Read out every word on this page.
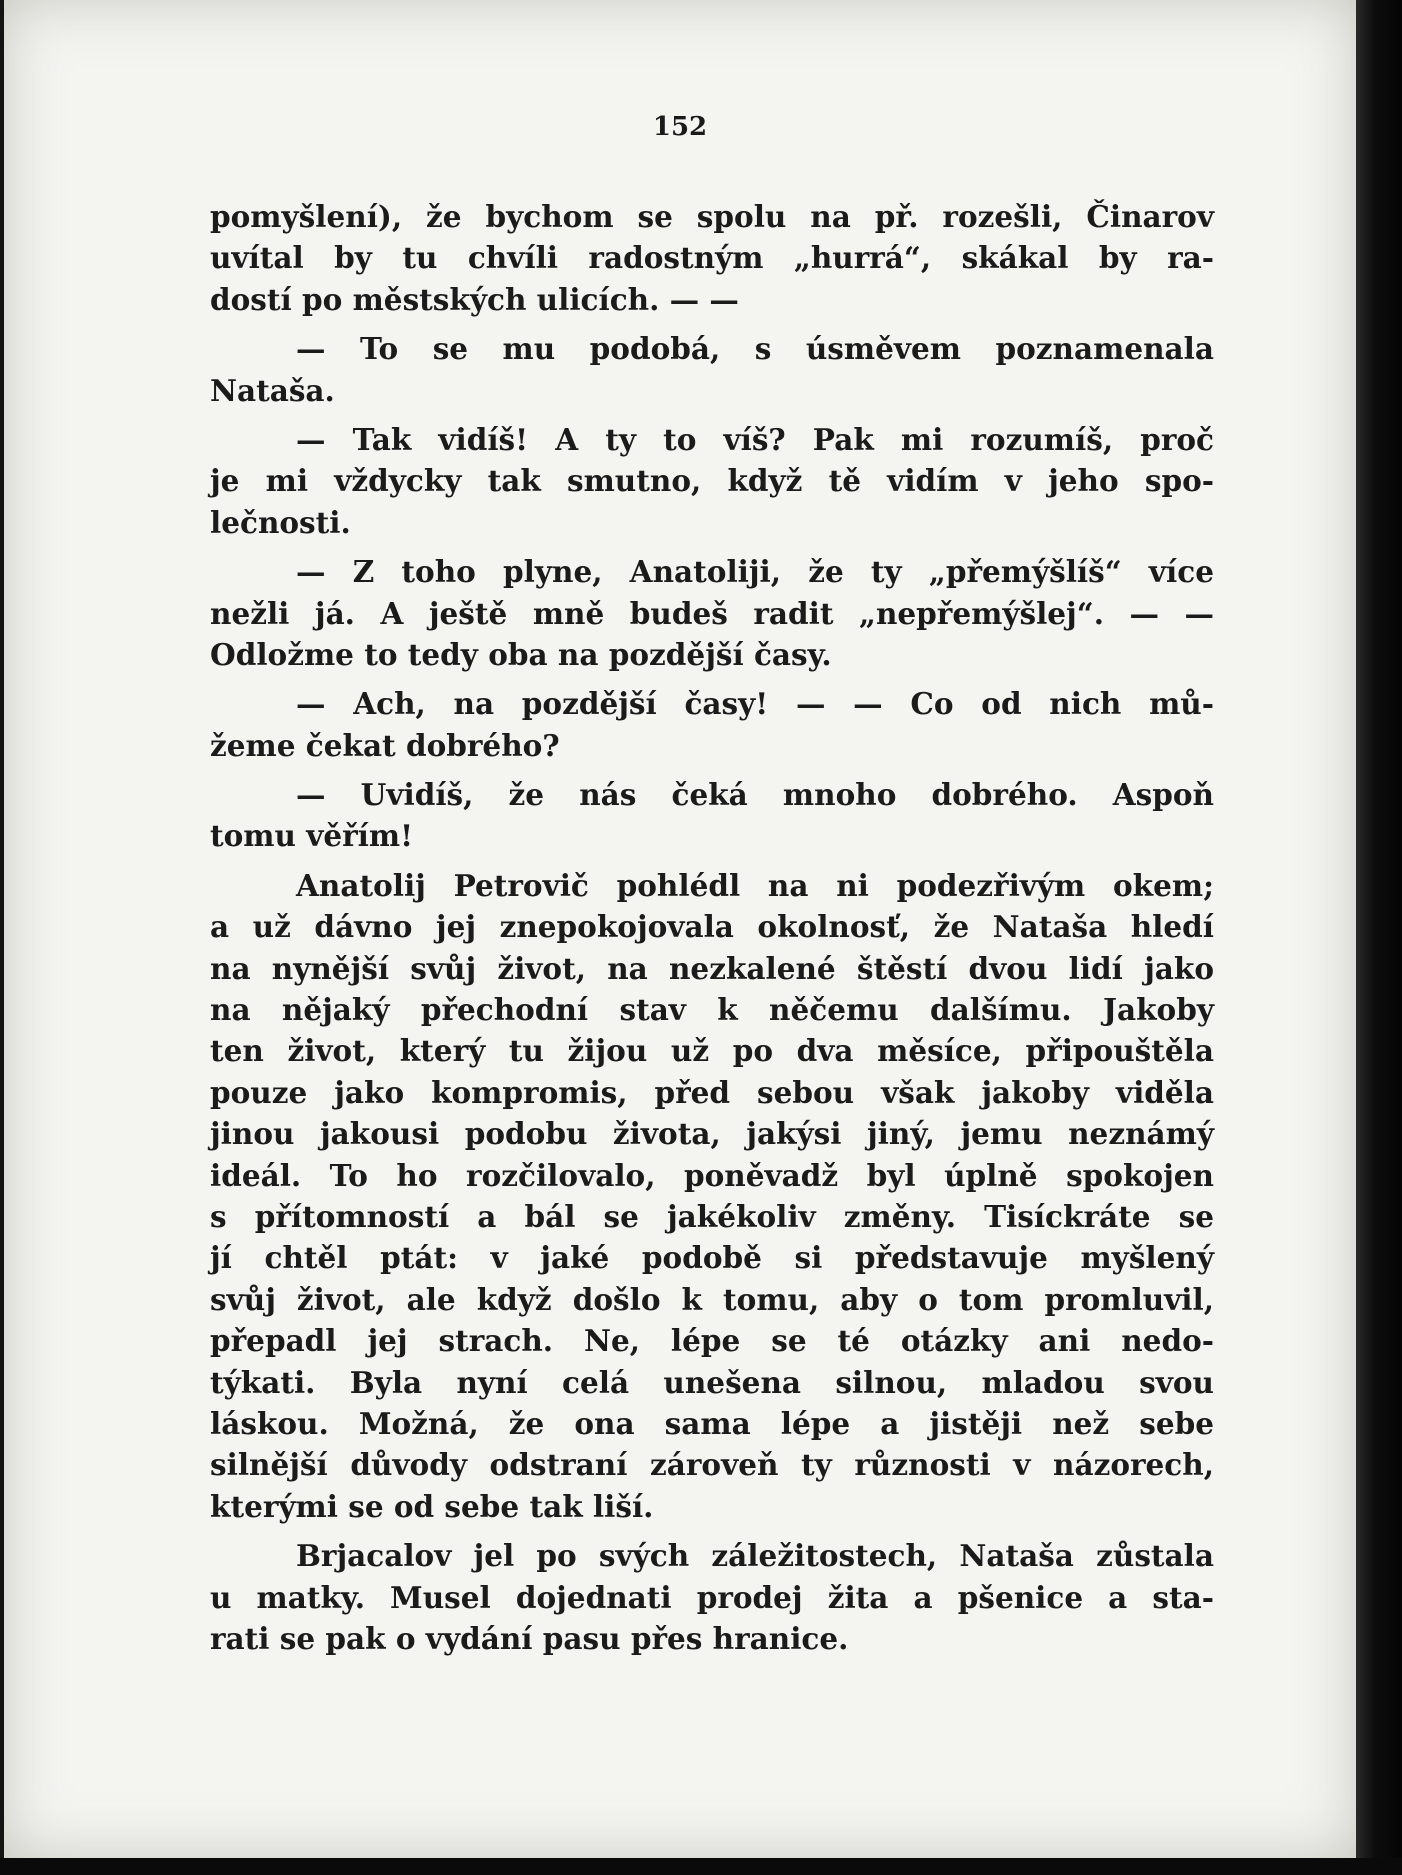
152
pomyšlení), že bychom se spolu na př. rozešli, Činarov
uvítal by tu chvíli radostným „hurrá“, skákal by ra-
dostí po městských ulicích. — —
— To se mu podobá, s úsměvem poznamenala
Nataša.
— Tak vidíš! A ty to víš? Pak mi rozumíš, proč
je mi vždycky tak smutno, když tě vidím v jeho spo-
lečnosti.
— Z toho plyne, Anatoliji, že ty „přemýšlíš“ více
nežli já. A ještě mně budeš radit „nepřemýšlej“. — —
Odložme to tedy oba na pozdější časy.
— Ach, na pozdější časy! — — Co od nich mů-
žeme čekat dobrého?
— Uvidíš, že nás čeká mnoho dobrého. Aspoň
tomu věřím!
Anatolij Petrovič pohlédl na ni podezřivým okem;
a už dávno jej znepokojovala okolnosť, že Nataša hledí
na nynější svůj život, na nezkalené štěstí dvou lidí jako
na nějaký přechodní stav k něčemu dalšímu. Jakoby
ten život, který tu žijou už po dva měsíce, připouštěla
pouze jako kompromis, před sebou však jakoby viděla
jinou jakousi podobu života, jakýsi jiný, jemu neznámý
ideál. To ho rozčilovalo, poněvadž byl úplně spokojen
s přítomností a bál se jakékoliv změny. Tisíckráte se
jí chtěl ptát: v jaké podobě si představuje myšlený
svůj život, ale když došlo k tomu, aby o tom promluvil,
přepadl jej strach. Ne, lépe se té otázky ani nedo-
týkati. Byla nyní celá unešena silnou, mladou svou
láskou. Možná, že ona sama lépe a jistěji než sebe
silnější důvody odstraní zároveň ty různosti v názorech,
kterými se od sebe tak liší.
Brjacalov jel po svých záležitostech, Nataša zůstala
u matky. Musel dojednati prodej žita a pšenice a sta-
rati se pak o vydání pasu přes hranice.
